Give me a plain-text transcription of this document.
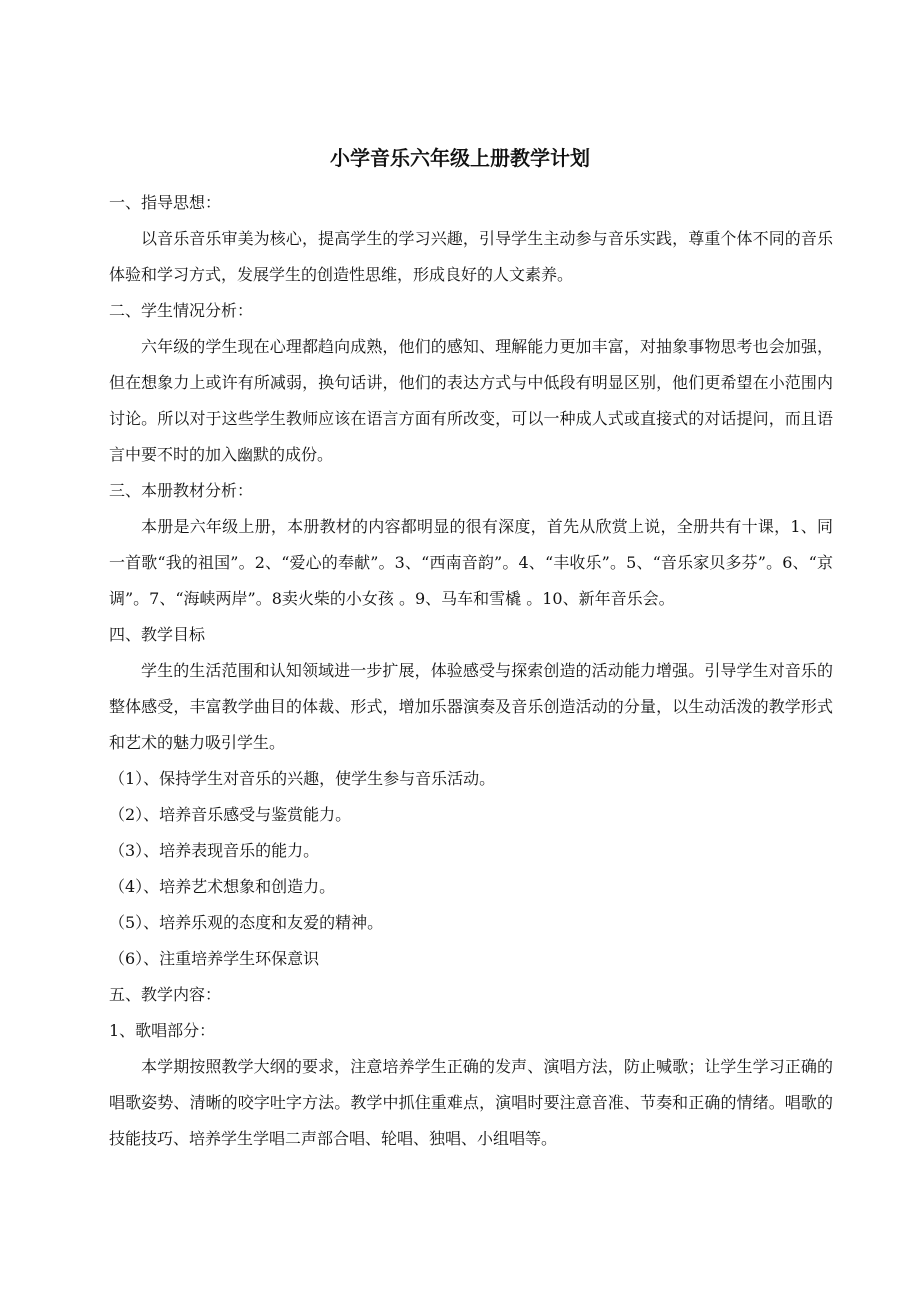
小学音乐六年级上册教学计划

一、指导思想：

以音乐音乐审美为核心，提高学生的学习兴趣，引导学生主动参与音乐实践，尊重个体不同的音乐体验和学习方式，发展学生的创造性思维，形成良好的人文素养。

二、学生情况分析：

六年级的学生现在心理都趋向成熟，他们的感知、理解能力更加丰富，对抽象事物思考也会加强，但在想象力上或许有所减弱，换句话讲，他们的表达方式与中低段有明显区别，他们更希望在小范围内讨论。所以对于这些学生教师应该在语言方面有所改变，可以一种成人式或直接式的对话提问，而且语言中要不时的加入幽默的成份。

三、本册教材分析：

本册是六年级上册，本册教材的内容都明显的很有深度，首先从欣赏上说，全册共有十课，1、同一首歌“我的祖国”。2、“爱心的奉献”。3、“西南音韵”。4、“丰收乐”。5、“音乐家贝多芬”。6、“京调”。7、“海峡两岸”。8卖火柴的小女孩 。9、马车和雪橇 。10、新年音乐会。

四、教学目标

学生的生活范围和认知领域进一步扩展，体验感受与探索创造的活动能力增强。引导学生对音乐的整体感受，丰富教学曲目的体裁、形式，增加乐器演奏及音乐创造活动的分量，以生动活泼的教学形式和艺术的魅力吸引学生。

（1）、保持学生对音乐的兴趣，使学生参与音乐活动。

（2）、培养音乐感受与鉴赏能力。

（3）、培养表现音乐的能力。

（4）、培养艺术想象和创造力。

（5）、培养乐观的态度和友爱的精神。

（6）、注重培养学生环保意识

五、教学内容：

1、歌唱部分：

本学期按照教学大纲的要求，注意培养学生正确的发声、演唱方法，防止喊歌；让学生学习正确的唱歌姿势、清晰的咬字吐字方法。教学中抓住重难点，演唱时要注意音准、节奏和正确的情绪。唱歌的技能技巧、培养学生学唱二声部合唱、轮唱、独唱、小组唱等。
